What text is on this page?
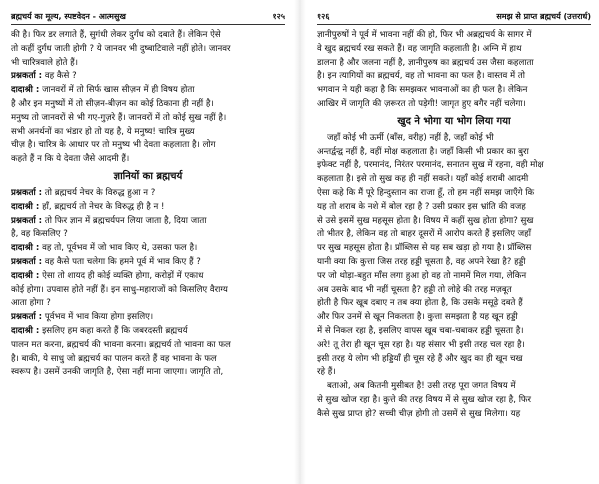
ब्रह्मचर्य का मूल्य, स्पष्टवेदन - आत्मसुख	१२५
की है। फिर डर लगाते हैं, सुगंधी लेकर दुर्गंध को दबाते हैं। लेकिन ऐसे
तो कहीं दुर्गंध जाती होगी ? ये जानवर भी दुष्बाटिवाले नहीं होते। जानवर
भी चारित्रवाले होते हैं।
प्रश्नकर्ता : वह कैसे ?
दादाश्री : जानवरों में तो सिर्फ खास सीज़न में ही विषय होता
है और इन मनुष्यों में तो सीज़न-बीज़न का कोई ठिकाना ही नहीं है।
मनुष्य तो जानवरों से भी गए-गुज़रे हैं। जानवरों में तो कोई सुख नहीं है।
सभी अनर्थनों का भंडार हो तो यह है, ये मनुष्य! चारित्र मुख्य
चीज़ है। चारित्र के आधार पर तो मनुष्य भी देवता कहलाता है। लोग
कहते हैं न कि ये देवता जैसे आदमी हैं।
ज्ञानियों का ब्रह्मचर्य
प्रश्नकर्ता : तो ब्रह्मचर्य नेचर के विरुद्ध हुआ न ?
दादाश्री : हाँ, ब्रह्मचर्य तो नेचर के विरुद्ध ही है न !
प्रश्नकर्ता : तो फिर ज्ञान में ब्रह्मचर्यपन लिया जाता है, दिया जाता
है, वह किसलिए ?
दादाश्री : वह तो, पूर्वभव में जो भाव किए थे, उसका फल है।
प्रश्नकर्ता : वह कैसे पता चलेगा कि हमने पूर्व में भाव किए हैं ?
दादाश्री : ऐसा तो शायद ही कोई व्यक्ति होगा, करोड़ों में एकाध
कोई होगा। उपवास होते नहीं हैं। इन साधु-महाराजों को किसलिए वैराग्य
आता होगा ?
प्रश्नकर्ता : पूर्वभव में भाव किया होगा इसलिए।
दादाश्री : इसलिए हम कहा करते हैं कि जबरदस्ती ब्रह्मचर्य
पालन मत करना, ब्रह्मचर्य की भावना करना। ब्रह्मचर्य तो भावना का फल
है। बाकी, ये साधु जो ब्रह्मचर्य का पालन करते हैं वह भावना के फल
स्वरूप है। उसमें उनकी जागृति है, ऐसा नहीं माना जाएगा। जागृति तो,
१२६	समझ से प्राप्त ब्रह्मचर्य (उत्तरार्ध)
ज्ञानीपुरुषों ने पूर्व में भावना नहीं की हो, फिर भी अब्रह्मचर्य के सागर में
वे खुद ब्रह्मचर्य रख सकते हैं। वह जागृति कहलाती है। अग्नि में हाथ
डालना है और जलना नहीं है, ज्ञानीपुरुष का ब्रह्मचर्य उस जैसा कहलाता
है। इन त्यागियों का ब्रह्मचर्य, वह तो भावना का फल है। वास्तव में तो
भगवान ने यही कहा है कि समझकर भावनाओं का ही फल है। लेकिन
आखिर में जागृति की ज़रूरत तो पड़ेगी! जागृत हुए बगैर नहीं चलेगा।
खुद ने भोगा या भोग लिया गया
जहाँ कोई भी ऊर्मी (बाँस, वरीह) नहीं है, जहाँ कोई भी
अन्तर्द्वन्द्व नहीं है, वहीं मोक्ष कहलाता है। जहाँ किसी भी प्रकार का बुरा
इफेक्ट नहीं है, परमानंद, निरंतर परमानंद, सनातन सुख में रहना, वही मोक्ष
कहलाता है। इसे तो सुख कह ही नहीं सकते। यहाँ कोई शराबी आदमी
ऐसा कहे कि मैं पूरे हिन्दुस्तान का राजा हूँ, तो हम नहीं समझ जाएँगे कि
यह तो शराब के नशे में बोल रहा है ? उसी प्रकार इस भ्रांति की वजह
से उसे इसमें सुख महसूस होता है। विषय में कहीं सुख होता होगा? सुख
तो भीतर है, लेकिन वह तो बाहर दूसरों में आरोप करते हैं इसलिए जहाँ
पर सुख महसूस होता है। प्रॉब्लिस से यह सब खड़ा हो गया है। प्रॉब्लिस
यानी क्या कि कुत्ता जिस तरह हड्डी चूसता है, वह अपने रेखा है? हड्डी
पर जो थोड़ा-बहुत माँस लगा हुआ हो वह तो नाममें मिल गया, लेकिन
अब उसके बाद भी नहीं चूसता है? हड्डी तो लोहे की तरह मज़बूत
होती है फिर खूब दबाए न तब क्या होता है, कि उसके मसूढ़े दबते हैं
और फिर उनमें से खून निकलता है। कुत्ता समझता है यह खून हड्डी
में से निकल रहा है, इसलिए वापस खूब चबा-चबाकर हड्डी चूसता है।
अरे! तू तेरा ही खून चूस रहा है। यह संसार भी इसी तरह चल रहा है।
इसी तरह ये लोग भी हड्डियाँ ही चूस रहे हैं और खुद का ही खून चख
रहे हैं।
बताओ, अब कितनी मुसीबत है! उसी तरह पूरा जगत विषय में
से सुख खोज रहा है। कुत्ते की तरह विषय में से सुख खोज रहा है, फिर
कैसे सुख प्राप्त हो? सच्ची चीज़ होगी तो उसमें से सुख मिलेगा। यह
